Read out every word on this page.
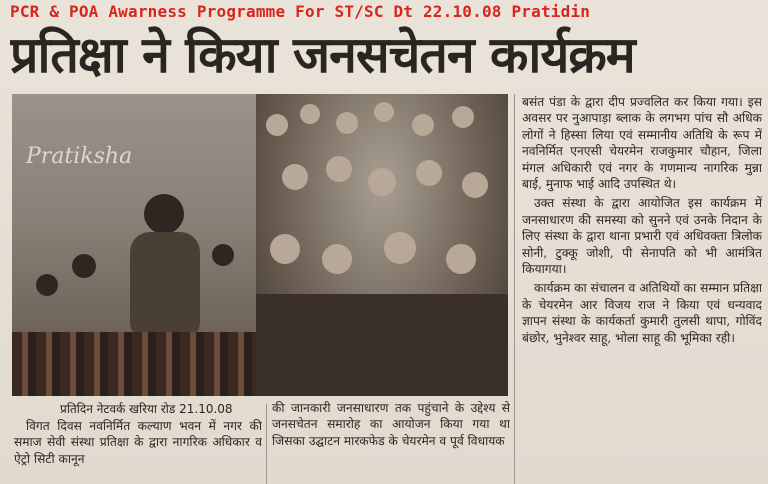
PCR & POA Awarness Programme For ST/SC Dt 22.10.08 Pratidin
प्रतिक्षा ने किया जनसचेतन कार्यक्रम
Pratiksha
प्रतिदिन नेटवर्क खरिया रोड 21.10.08

विगत दिवस नवनिर्मित कल्याण भवन में नगर की समाज सेवी संस्था प्रतिक्षा के द्वारा नागरिक अधिकार व ऐट्रो सिटी कानून

की जानकारी जनसाधारण तक पहुंचाने के उद्देश्य से जनसचेतन समारोह का आयोजन किया गया था जिसका उद्घाटन मारकफेड के चेयरमेन व पूर्व विधायक

बसंत पंडा के द्वारा दीप प्रज्वलित कर किया गया। इस अवसर पर नुआपाड़ा ब्लाक के लगभग पांच सौ अधिक लोगों ने हिस्सा लिया एवं सम्मानीय अतिथि के रूप में नवनिर्मित एनएसी चेयरमेन राजकुमार चौहान, जिला मंगल अधिकारी एवं नगर के गणमान्य नागरिक मुन्ना बाई, मुनाफ भाई आदि उपस्थित थे।

उक्त संस्था के द्वारा आयोजित इस कार्यक्रम में जनसाधारण की समस्या को सुनने एवं उनके निदान के लिए संस्था के द्वारा थाना प्रभारी एवं अधिवक्ता त्रिलोक सोनी, टुक्कू जोशी, पी सेनापति को भी आमंत्रित कियागया।

कार्यक्रम का संचालन व अतिथियों का सम्मान प्रतिक्षा के चेयरमेन आर विजय राज ने किया एवं धन्यवाद ज्ञापन संस्था के कार्यकर्ता कुमारी तुलसी थापा, गोविंद बंछोर, भुनेश्वर साहू, भोला साहू की भूमिका रही।
